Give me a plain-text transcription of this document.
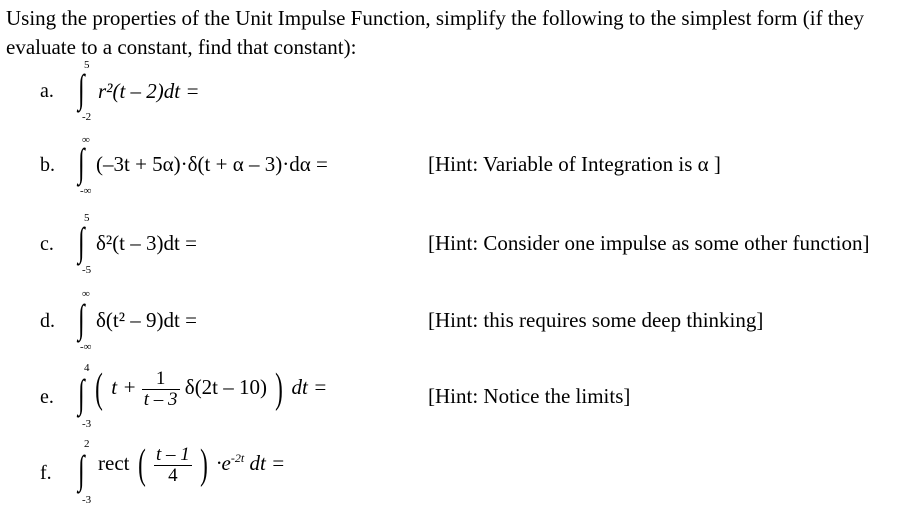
Using the properties of the Unit Impulse Function, simplify the following to the simplest form (if they evaluate to a constant, find that constant):
a.
5
∫
-2
r²(t – 2)dt =
b.
∞
∫
-∞
(–3t + 5α)·δ(t + α – 3)·dα =	[Hint: Variable of Integration is α ]
c.
5
∫
-5
δ²(t – 3)dt =	[Hint: Consider one impulse as some other function]
d.
∞
∫
-∞
δ(t² – 9)dt =	[Hint: this requires some deep thinking]
e.
4
∫
-3
( $t + \frac{1}{t - 3} \delta(2t - 10)$ ) dt =	[Hint: Notice the limits]
f.
2
∫
-3
rect ( $\frac{t - 1}{4}$ ) $\cdot e^{-2t}$ dt =
